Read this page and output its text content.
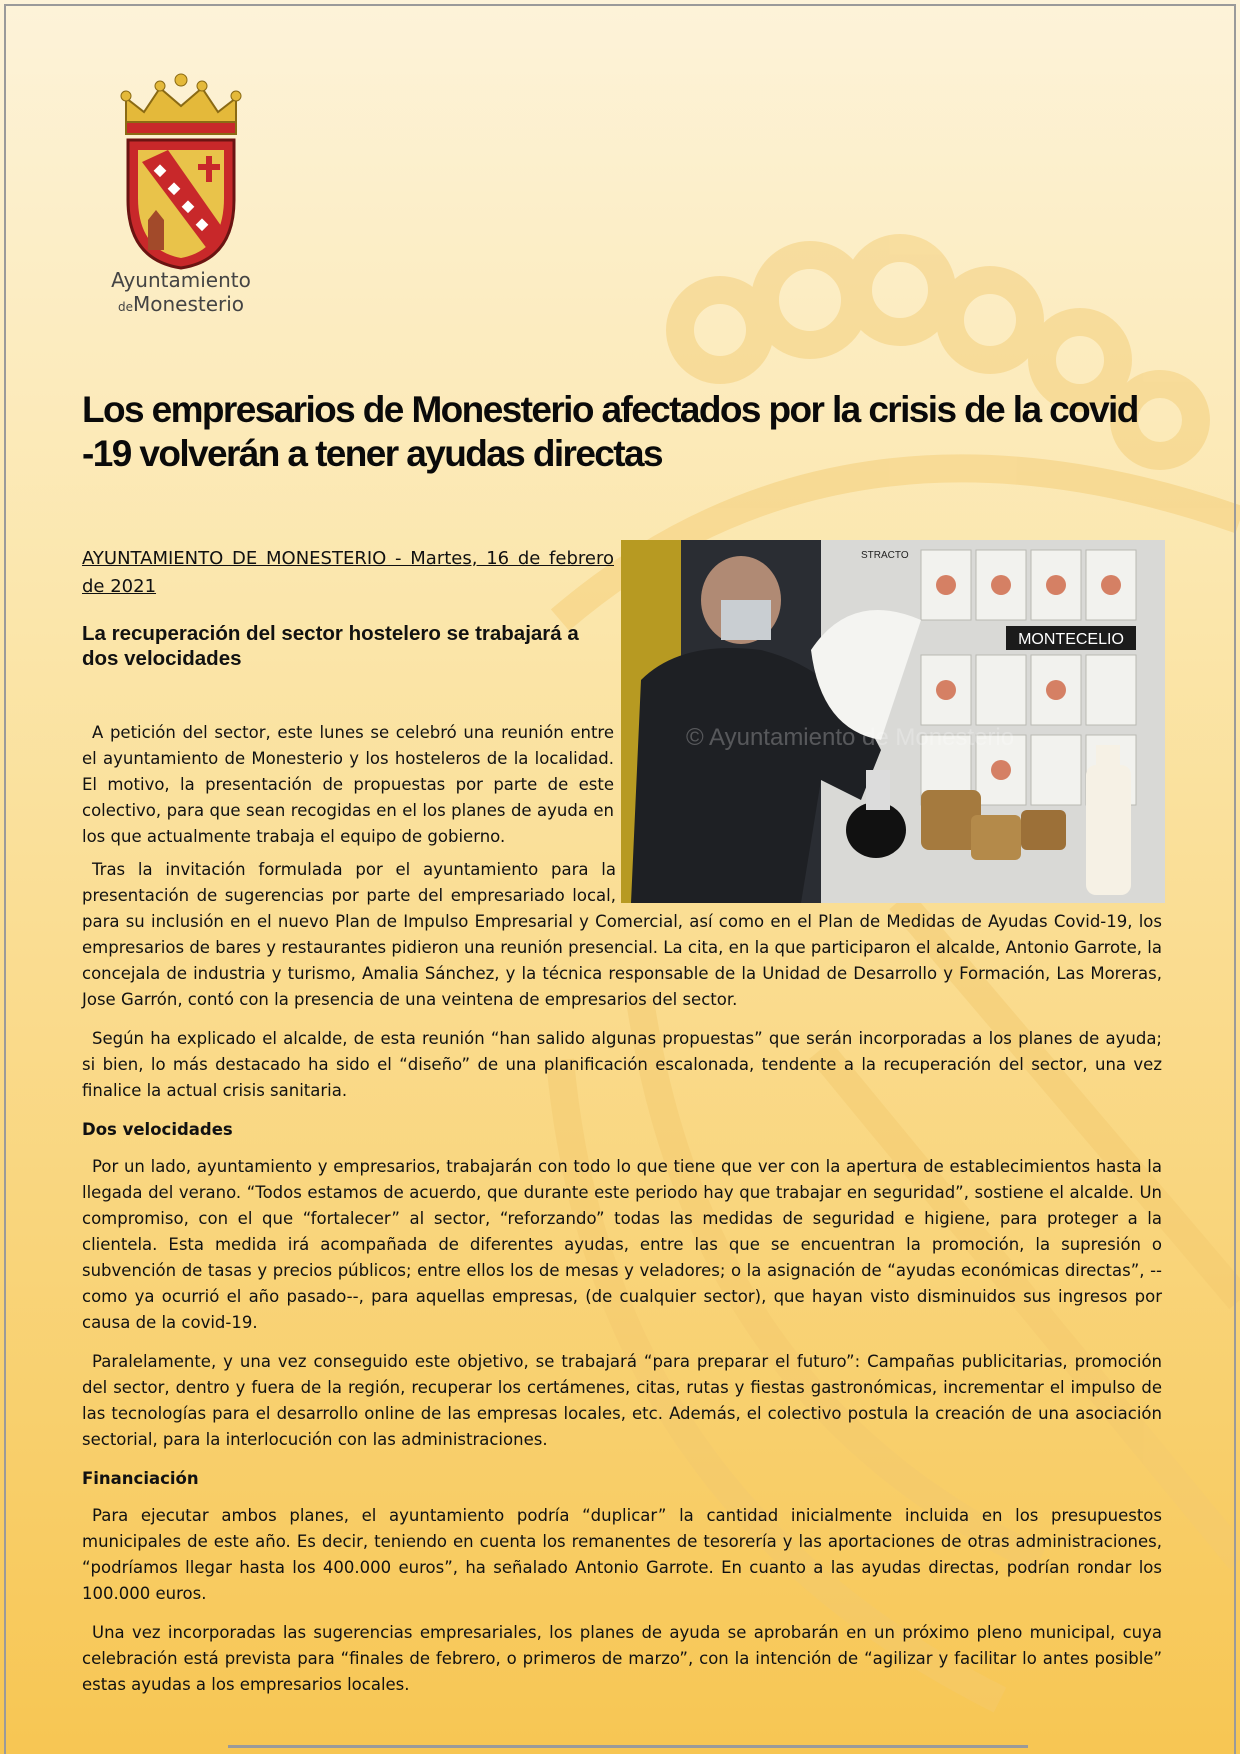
Ayuntamiento
deMonesterio
Los empresarios de Monesterio afectados por la crisis de la covid -19 volverán a tener ayudas directas

AYUNTAMIENTO DE MONESTERIO - Martes, 16 de febrero de 2021

La recuperación del sector hostelero se trabajará a dos velocidades
MONTECELIO
STRACTO
© Ayuntamiento de Monesterio

A petición del sector, este lunes se celebró una reunión entre el ayuntamiento de Monesterio y los hosteleros de la localidad. El motivo, la presentación de propuestas por parte de este colectivo, para que sean recogidas en el los planes de ayuda en los que actualmente trabaja el equipo de gobierno.

Tras la invitación formulada por el ayuntamiento para la presentación de sugerencias por parte del empresariado local, para su inclusión en el nuevo Plan de Impulso Empresarial y Comercial, así como en el Plan de Medidas de Ayudas Covid-19, los empresarios de bares y restaurantes pidieron una reunión presencial. La cita, en la que participaron el alcalde, Antonio Garrote, la concejala de industria y turismo, Amalia Sánchez, y la técnica responsable de la Unidad de Desarrollo y Formación, Las Moreras, Jose Garrón, contó con la presencia de una veintena de empresarios del sector.

Según ha explicado el alcalde, de esta reunión “han salido algunas propuestas” que serán incorporadas a los planes de ayuda; si bien, lo más destacado ha sido el “diseño” de una planificación escalonada, tendente a la recuperación del sector, una vez finalice la actual crisis sanitaria.

Dos velocidades

Por un lado, ayuntamiento y empresarios, trabajarán con todo lo que tiene que ver con la apertura de establecimientos hasta la llegada del verano. “Todos estamos de acuerdo, que durante este periodo hay que trabajar en seguridad”, sostiene el alcalde. Un compromiso, con el que “fortalecer” al sector, “reforzando” todas las medidas de seguridad e higiene, para proteger a la clientela. Esta medida irá acompañada de diferentes ayudas, entre las que se encuentran la promoción, la supresión o subvención de tasas y precios públicos; entre ellos los de mesas y veladores; o la asignación de “ayudas económicas directas”, --como ya ocurrió el año pasado--, para aquellas empresas, (de cualquier sector), que hayan visto disminuidos sus ingresos por causa de la covid-19.

Paralelamente, y una vez conseguido este objetivo, se trabajará “para preparar el futuro”: Campañas publicitarias, promoción del sector, dentro y fuera de la región, recuperar los certámenes, citas, rutas y fiestas gastronómicas, incrementar el impulso de las tecnologías para el desarrollo online de las empresas locales, etc. Además, el colectivo postula la creación de una asociación sectorial, para la interlocución con las administraciones.

Financiación

Para ejecutar ambos planes, el ayuntamiento podría “duplicar” la cantidad inicialmente incluida en los presupuestos municipales de este año. Es decir, teniendo en cuenta los remanentes de tesorería y las aportaciones de otras administraciones, “podríamos llegar hasta los 400.000 euros”, ha señalado Antonio Garrote. En cuanto a las ayudas directas, podrían rondar los 100.000 euros.

Una vez incorporadas las sugerencias empresariales, los planes de ayuda se aprobarán en un próximo pleno municipal, cuya celebración está prevista para “finales de febrero, o primeros de marzo”, con la intención de “agilizar y facilitar lo antes posible” estas ayudas a los empresarios locales.
